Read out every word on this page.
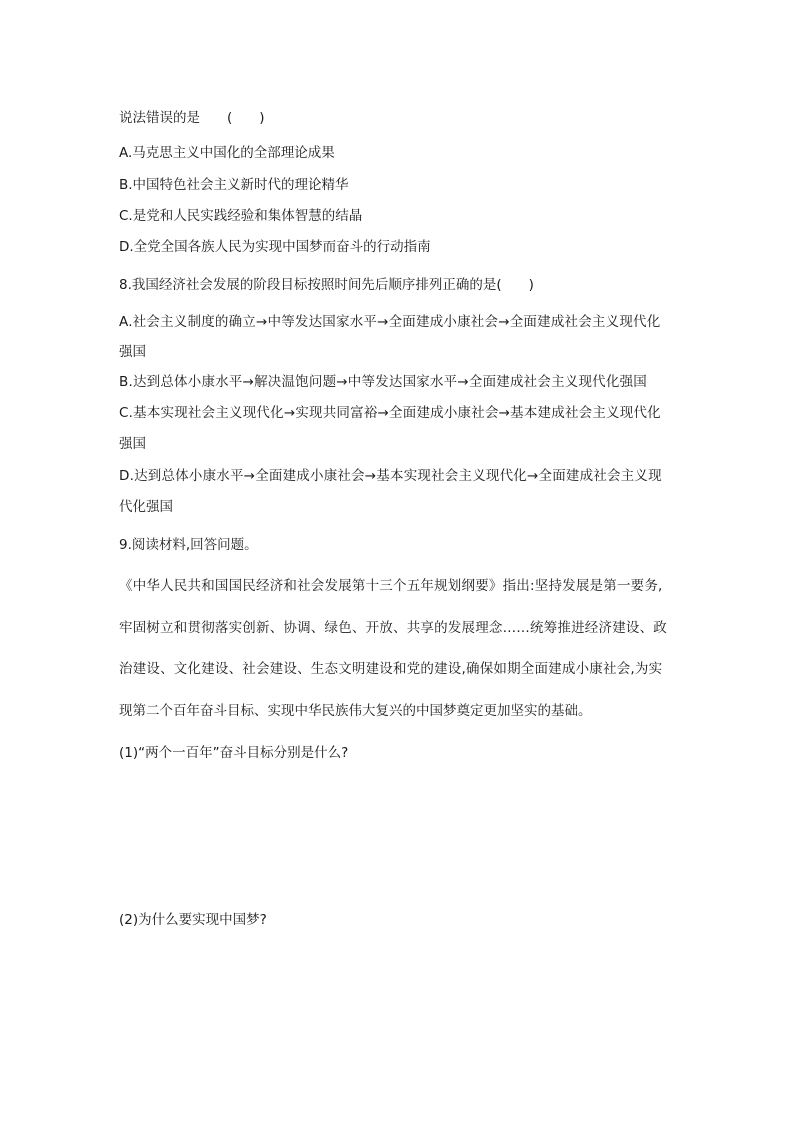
说法错误的是　　(　　)
A.马克思主义中国化的全部理论成果
B.中国特色社会主义新时代的理论精华
C.是党和人民实践经验和集体智慧的结晶
D.全党全国各族人民为实现中国梦而奋斗的行动指南
8.我国经济社会发展的阶段目标按照时间先后顺序排列正确的是(　　)
A.社会主义制度的确立→中等发达国家水平→全面建成小康社会→全面建成社会主义现代化
强国
B.达到总体小康水平→解决温饱问题→中等发达国家水平→全面建成社会主义现代化强国
C.基本实现社会主义现代化→实现共同富裕→全面建成小康社会→基本建成社会主义现代化
强国
D.达到总体小康水平→全面建成小康社会→基本实现社会主义现代化→全面建成社会主义现
代化强国
9.阅读材料,回答问题。
《中华人民共和国国民经济和社会发展第十三个五年规划纲要》指出:坚持发展是第一要务,
牢固树立和贯彻落实创新、协调、绿色、开放、共享的发展理念……统筹推进经济建设、政
治建设、文化建设、社会建设、生态文明建设和党的建设,确保如期全面建成小康社会,为实
现第二个百年奋斗目标、实现中华民族伟大复兴的中国梦奠定更加坚实的基础。
(1)“两个一百年”奋斗目标分别是什么?
(2)为什么要实现中国梦?
